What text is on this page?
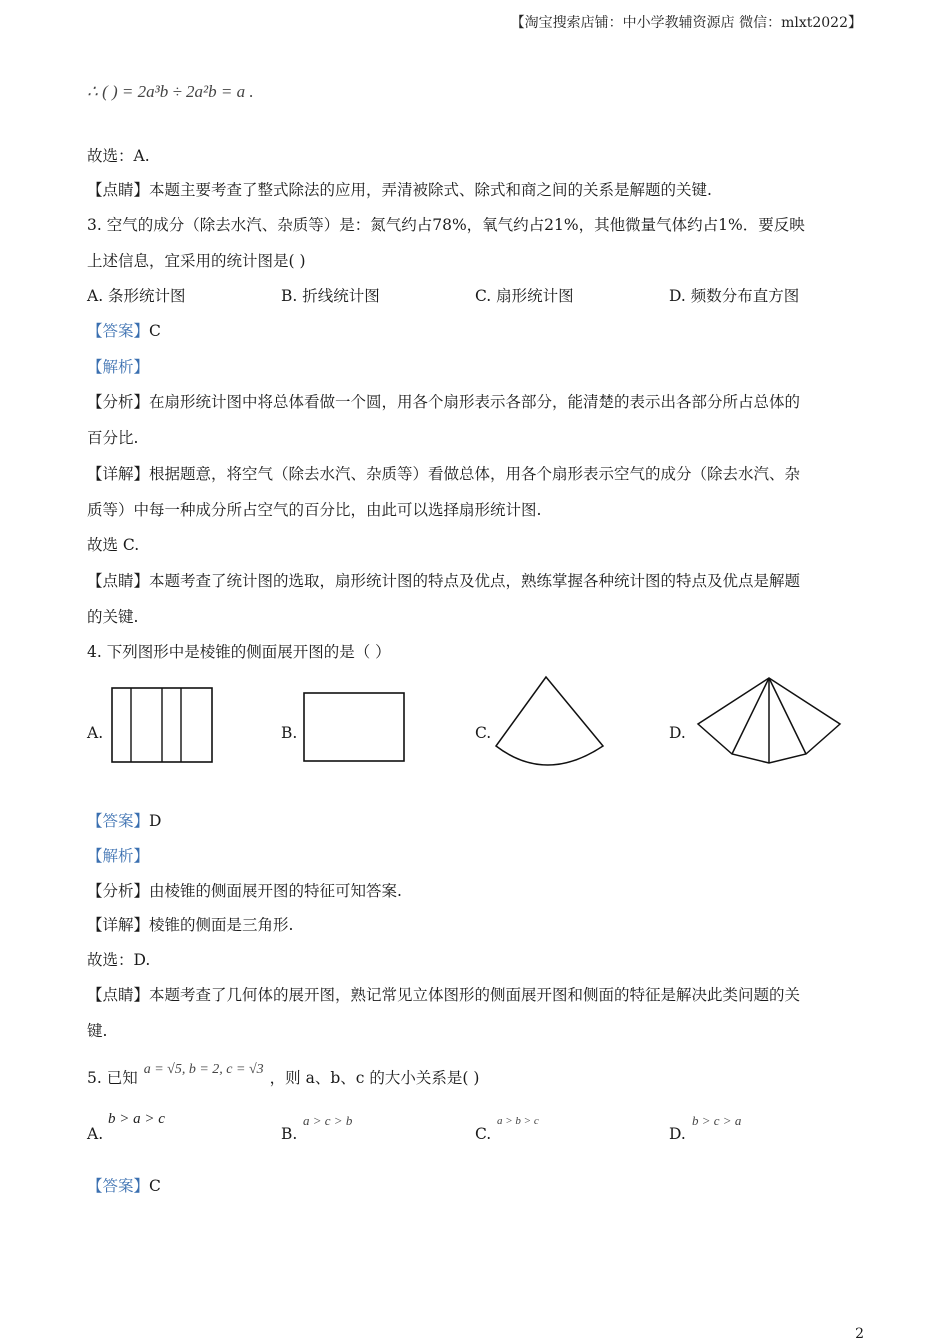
【淘宝搜索店铺：中小学教辅资源店 微信：mlxt2022】
∴ ( ) = 2a³b ÷ 2a²b = a .
故选：A.
【点睛】本题主要考查了整式除法的应用，弄清被除式、除式和商之间的关系是解题的关键.
3. 空气的成分（除去水汽、杂质等）是：氮气约占78%，氧气约占21%，其他微量气体约占1%．要反映
上述信息，宜采用的统计图是( )
A. 条形统计图	B. 折线统计图	C. 扇形统计图	D. 频数分布直方图
【答案】C
【解析】
【分析】在扇形统计图中将总体看做一个圆，用各个扇形表示各部分，能清楚的表示出各部分所占总体的
百分比.
【详解】根据题意，将空气（除去水汽、杂质等）看做总体，用各个扇形表示空气的成分（除去水汽、杂
质等）中每一种成分所占空气的百分比，由此可以选择扇形统计图.
故选 C.
【点睛】本题考查了统计图的选取，扇形统计图的特点及优点，熟练掌握各种统计图的特点及优点是解题
的关键.
4. 下列图形中是棱锥的侧面展开图的是（ ）
A.	B.	C.	D.
【答案】D
【解析】
【分析】由棱锥的侧面展开图的特征可知答案.
【详解】棱锥的侧面是三角形.
故选：D.
【点睛】本题考查了几何体的展开图，熟记常见立体图形的侧面展开图和侧面的特征是解决此类问题的关
键.
5. 已知 a = √5, b = 2, c = √3 ，则 a、b、c 的大小关系是( )
A.
b > a > c
B.
a > c > b
C.
a > b > c
D.
b > c > a
【答案】C
2
